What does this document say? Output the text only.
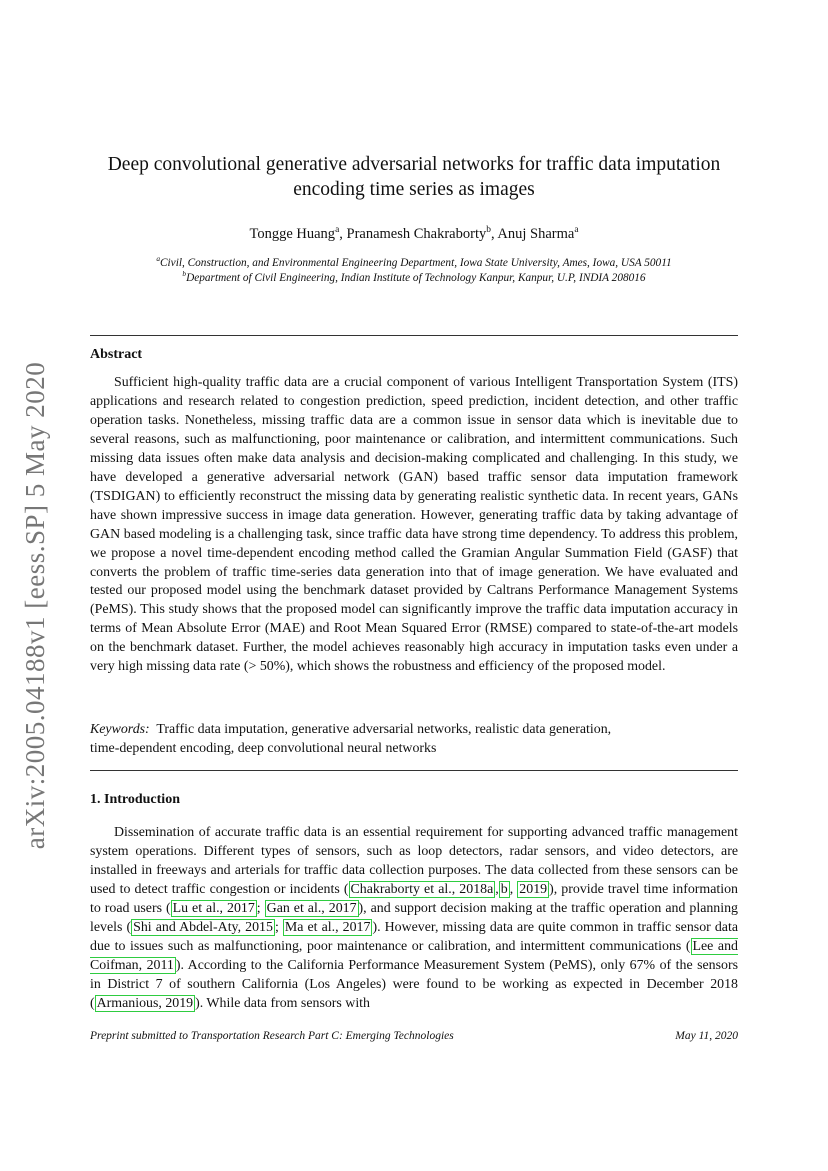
arXiv:2005.04188v1 [eess.SP] 5 May 2020
Deep convolutional generative adversarial networks for traffic data imputation
encoding time series as images
Tongge Huang$^a$, Pranamesh Chakraborty$^b$, Anuj Sharma$^a$
$^a$Civil, Construction, and Environmental Engineering Department, Iowa State University, Ames, Iowa, USA 50011
$^b$Department of Civil Engineering, Indian Institute of Technology Kanpur, Kanpur, U.P, INDIA 208016
Abstract
Sufficient high-quality traffic data are a crucial component of various Intelligent Transportation System (ITS) applications and research related to congestion prediction, speed prediction, incident detection, and other traffic operation tasks. Nonetheless, missing traffic data are a common issue in sensor data which is inevitable due to several reasons, such as malfunctioning, poor maintenance or calibration, and intermittent communications. Such missing data issues often make data analysis and decision-making complicated and challenging. In this study, we have developed a generative adversarial network (GAN) based traffic sensor data imputation framework (TSDIGAN) to efficiently reconstruct the missing data by generating realistic synthetic data. In recent years, GANs have shown impressive success in image data generation. However, generating traffic data by taking advantage of GAN based modeling is a challenging task, since traffic data have strong time dependency. To address this problem, we propose a novel time-dependent encoding method called the Gramian Angular Summation Field (GASF) that converts the problem of traffic time-series data generation into that of image generation. We have evaluated and tested our proposed model using the benchmark dataset provided by Caltrans Performance Management Systems (PeMS). This study shows that the proposed model can significantly improve the traffic data imputation accuracy in terms of Mean Absolute Error (MAE) and Root Mean Squared Error (RMSE) compared to state-of-the-art models on the benchmark dataset. Further, the model achieves reasonably high accuracy in imputation tasks even under a very high missing data rate (> 50%), which shows the robustness and efficiency of the proposed model.
Keywords: Traffic data imputation, generative adversarial networks, realistic data generation,
time-dependent encoding, deep convolutional neural networks
1. Introduction
Dissemination of accurate traffic data is an essential requirement for supporting advanced traffic management system operations. Different types of sensors, such as loop detectors, radar sensors, and video detectors, are installed in freeways and arterials for traffic data collection purposes. The data collected from these sensors can be used to detect traffic congestion or incidents ( Chakraborty et al., 2018a , b , 2019 ), provide travel time information to road users ( Lu et al., 2017 ; Gan et al., 2017 ), and support decision making at the traffic operation and planning levels ( Shi and Abdel-Aty, 2015 ; Ma et al., 2017 ). However, missing data are quite common in traffic sensor data due to issues such as malfunctioning, poor maintenance or calibration, and intermittent communications ( Lee and Coifman, 2011 ). According to the California Performance Measurement System (PeMS), only 67% of the sensors in District 7 of southern California (Los Angeles) were found to be working as expected in December 2018 ( Armanious, 2019 ). While data from sensors with
Preprint submitted to Transportation Research Part C: Emerging Technologies	May 11, 2020
